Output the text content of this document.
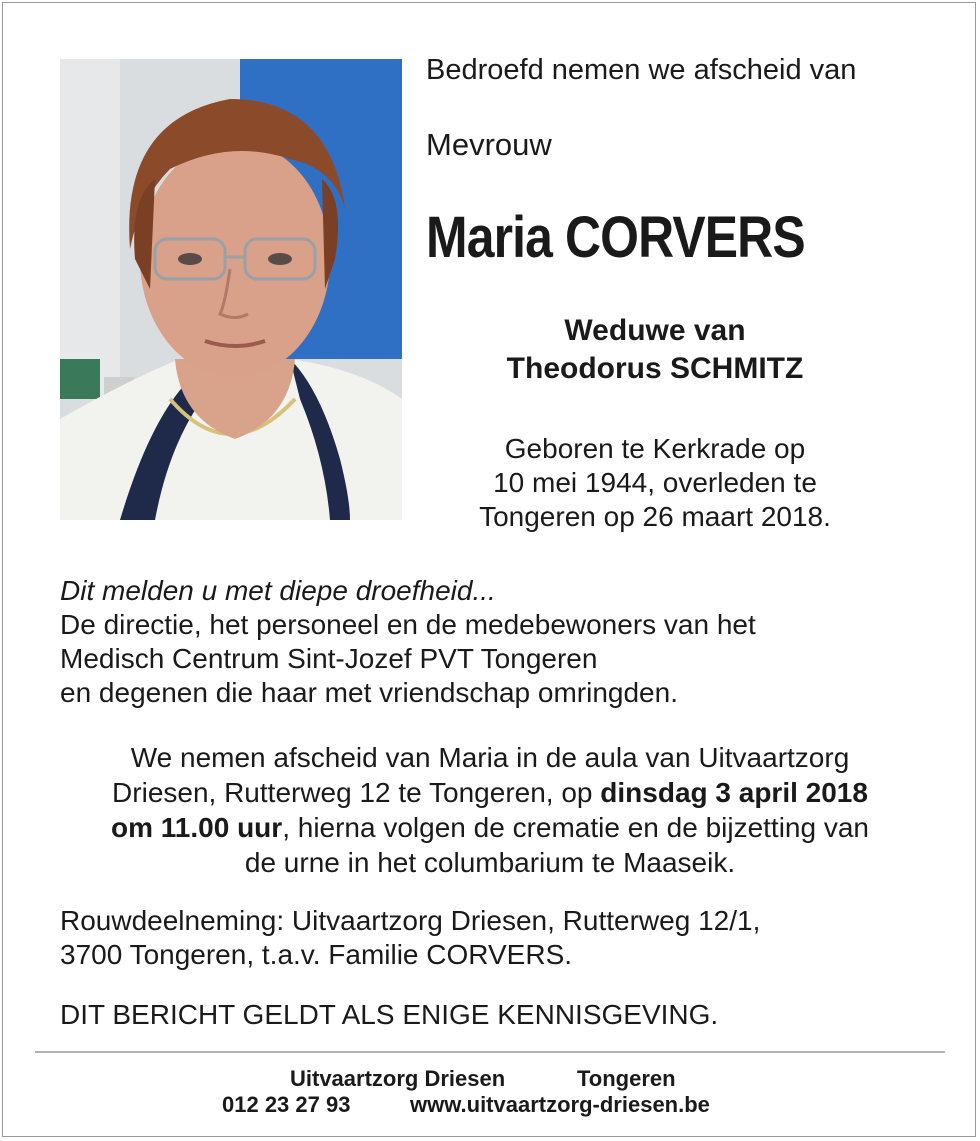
Bedroefd nemen we afscheid van

Mevrouw

Maria CORVERS

Weduwe van
Theodorus SCHMITZ
Geboren te Kerkrade op
10 mei 1944, overleden te
Tongeren op 26 maart 2018.
Dit melden u met diepe droefheid...
De directie, het personeel en de medebewoners van het
Medisch Centrum Sint-Jozef PVT Tongeren
en degenen die haar met vriendschap omringden.
We nemen afscheid van Maria in de aula van Uitvaartzorg
Driesen, Rutterweg 12 te Tongeren, op dinsdag 3 april 2018
om 11.00 uur, hierna volgen de crematie en de bijzetting van
de urne in het columbarium te Maaseik.
Rouwdeelneming: Uitvaartzorg Driesen, Rutterweg 12/1,
3700 Tongeren, t.a.v. Familie CORVERS.
DIT BERICHT GELDT ALS ENIGE KENNISGEVING.
Uitvaartzorg Driesen	Tongeren
012 23 27 93	www.uitvaartzorg-driesen.be
